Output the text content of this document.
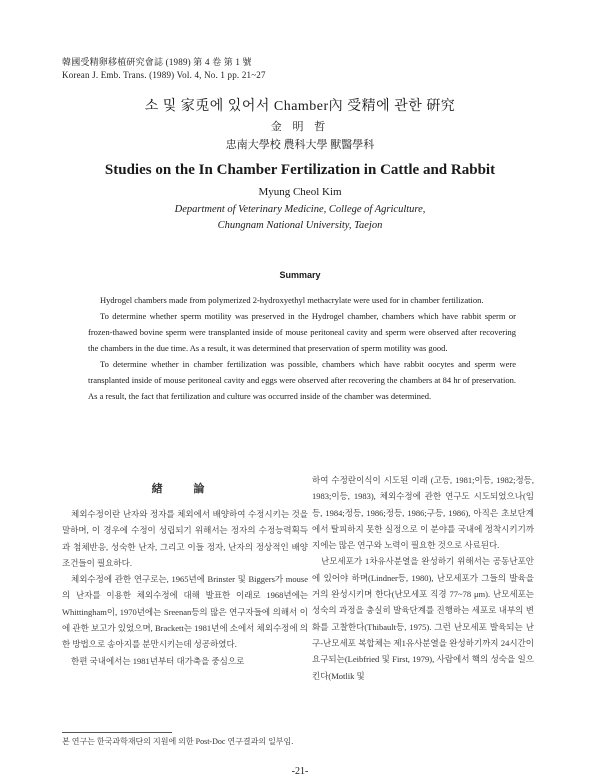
韓國受精卵移植硏究會誌 (1989) 第 4 卷 第 1 號
Korean J. Emb. Trans. (1989) Vol. 4, No. 1 pp. 21~27
소 및 家兎에 있어서 Chamber內 受精에 관한 硏究
金 明 哲
忠南大學校 農科大學 獸醫學科
Studies on the In Chamber Fertilization in Cattle and Rabbit
Myung Cheol Kim
Department of Veterinary Medicine, College of Agriculture,
Chungnam National University, Taejon
Summary

Hydrogel chambers made from polymerized 2-hydroxyethyl methacrylate were used for in chamber fertilization.

To determine whether sperm motility was preserved in the Hydrogel chamber, chambers which have rabbit sperm or frozen-thawed bovine sperm were transplanted inside of mouse peritoneal cavity and sperm were observed after recovering the chambers in the due time. As a result, it was determined that preservation of sperm motility was good.

To determine whether in chamber fertilization was possible, chambers which have rabbit oocytes and sperm were transplanted inside of mouse peritoneal cavity and eggs were observed after recovering the chambers at 84 hr of preservation. As a result, the fact that fertilization and culture was occurred inside of the chamber was determined.

緖 論

체외수정이란 난자와 정자를 체외에서 배양하여 수정시키는 것을 말하며, 이 경우에 수정이 성립되기 위해서는 정자의 수정능력획득과 첨체반응, 성숙한 난자, 그리고 이들 정자, 난자의 정상적인 배양조건들이 필요하다.

체외수정에 관한 연구로는, 1965년에 Brinster 및 Biggers가 mouse의 난자를 이용한 체외수정에 대해 발표한 이래로 1968년에는 Whittingham이, 1970년에는 Sreenan등의 많은 연구자들에 의해서 이에 관한 보고가 있었으며, Brackett는 1981년에 소에서 체외수정에 의한 방법으로 송아지를 분만시키는데 성공하였다.

한편 국내에서는 1981년부터 대가축을 중심으로

하여 수정란이식이 시도된 이래 (고등, 1981;이등, 1982;정등, 1983;이등, 1983), 체외수정에 관한 연구도 시도되었으나(임등, 1984;정등, 1986;정등, 1986;구등, 1986), 아직은 초보단계에서 탈피하지 못한 실정으로 이 분야를 국내에 정착시키기까지에는 많은 연구와 노력이 필요한 것으로 사료된다.

난모세포가 1차유사분열을 완성하기 위해서는 공동난포안에 있어야 하며(Lindner등, 1980), 난모세포가 그들의 발육을 거의 완성시키며 한다(난모세포 직경 77~78 μm). 난모세포는 성숙의 과정을 충실히 발육단계를 진행하는 세포로 내부의 변화를 고찰한다(Thibault등, 1975). 그런 난모세포 발육되는 난구-난모세포 복합체는 제1유사분열을 완성하기까지 24시간이 요구되는(Leibfried 및 First, 1979), 사람에서 핵의 성숙을 일으킨다(Motlik 및

본 연구는 한국과학재단의 지원에 의한 Post-Doc 연구결과의 일부임.
-21-
